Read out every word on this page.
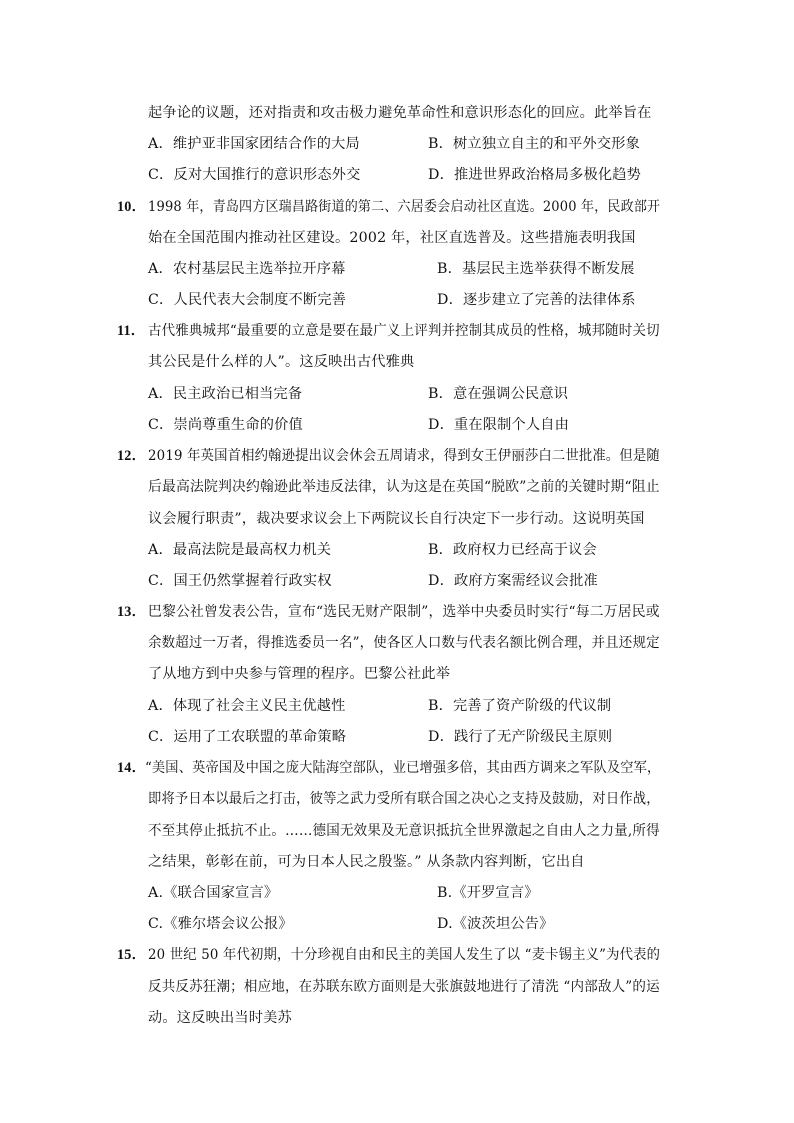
起争论的议题，还对指责和攻击极力避免革命性和意识形态化的回应。此举旨在
A．维护亚非国家团结合作的大局	B．树立独立自主的和平外交形象
C．反对大国推行的意识形态外交	D．推进世界政治格局多极化趋势
10． 1998 年，青岛四方区瑞昌路街道的第二、六居委会启动社区直选。2000 年，民政部开
始在全国范围内推动社区建设。2002 年，社区直选普及。这些措施表明我国
A．农村基层民主选举拉开序幕	B．基层民主选举获得不断发展
C．人民代表大会制度不断完善	D．逐步建立了完善的法律体系
11． 古代雅典城邦“最重要的立意是要在最广义上评判并控制其成员的性格，城邦随时关切
其公民是什么样的人”。这反映出古代雅典
A．民主政治已相当完备	B．意在强调公民意识
C．崇尚尊重生命的价值	D．重在限制个人自由
12． 2019 年英国首相约翰逊提出议会休会五周请求，得到女王伊丽莎白二世批准。但是随
后最高法院判决约翰逊此举违反法律，认为这是在英国“脱欧”之前的关键时期“阻止
议会履行职责”，裁决要求议会上下两院议长自行决定下一步行动。这说明英国
A．最高法院是最高权力机关	B．政府权力已经高于议会
C．国王仍然掌握着行政实权	D．政府方案需经议会批准
13． 巴黎公社曾发表公告，宣布“选民无财产限制”，选举中央委员时实行“每二万居民或
余数超过一万者，得推选委员一名”，使各区人口数与代表名额比例合理，并且还规定
了从地方到中央参与管理的程序。巴黎公社此举
A．体现了社会主义民主优越性	B．完善了资产阶级的代议制
C．运用了工农联盟的革命策略	D．践行了无产阶级民主原则
14． “美国、英帝国及中国之庞大陆海空部队，业已增强多倍，其由西方调来之军队及空军，
即将予日本以最后之打击，彼等之武力受所有联合国之决心之支持及鼓励，对日作战，
不至其停止抵抗不止。……德国无效果及无意识抵抗全世界激起之自由人之力量,所得
之结果，彰彰在前，可为日本人民之殷鉴。” 从条款内容判断，它出自
A.《联合国家宣言》	B.《开罗宣言》
C.《雅尔塔会议公报》	D.《波茨坦公告》
15． 20 世纪 50 年代初期，十分珍视自由和民主的美国人发生了以 “麦卡锡主义”为代表的
反共反苏狂潮；相应地，在苏联东欧方面则是大张旗鼓地进行了清洗 “内部敌人”的运
动。这反映出当时美苏
